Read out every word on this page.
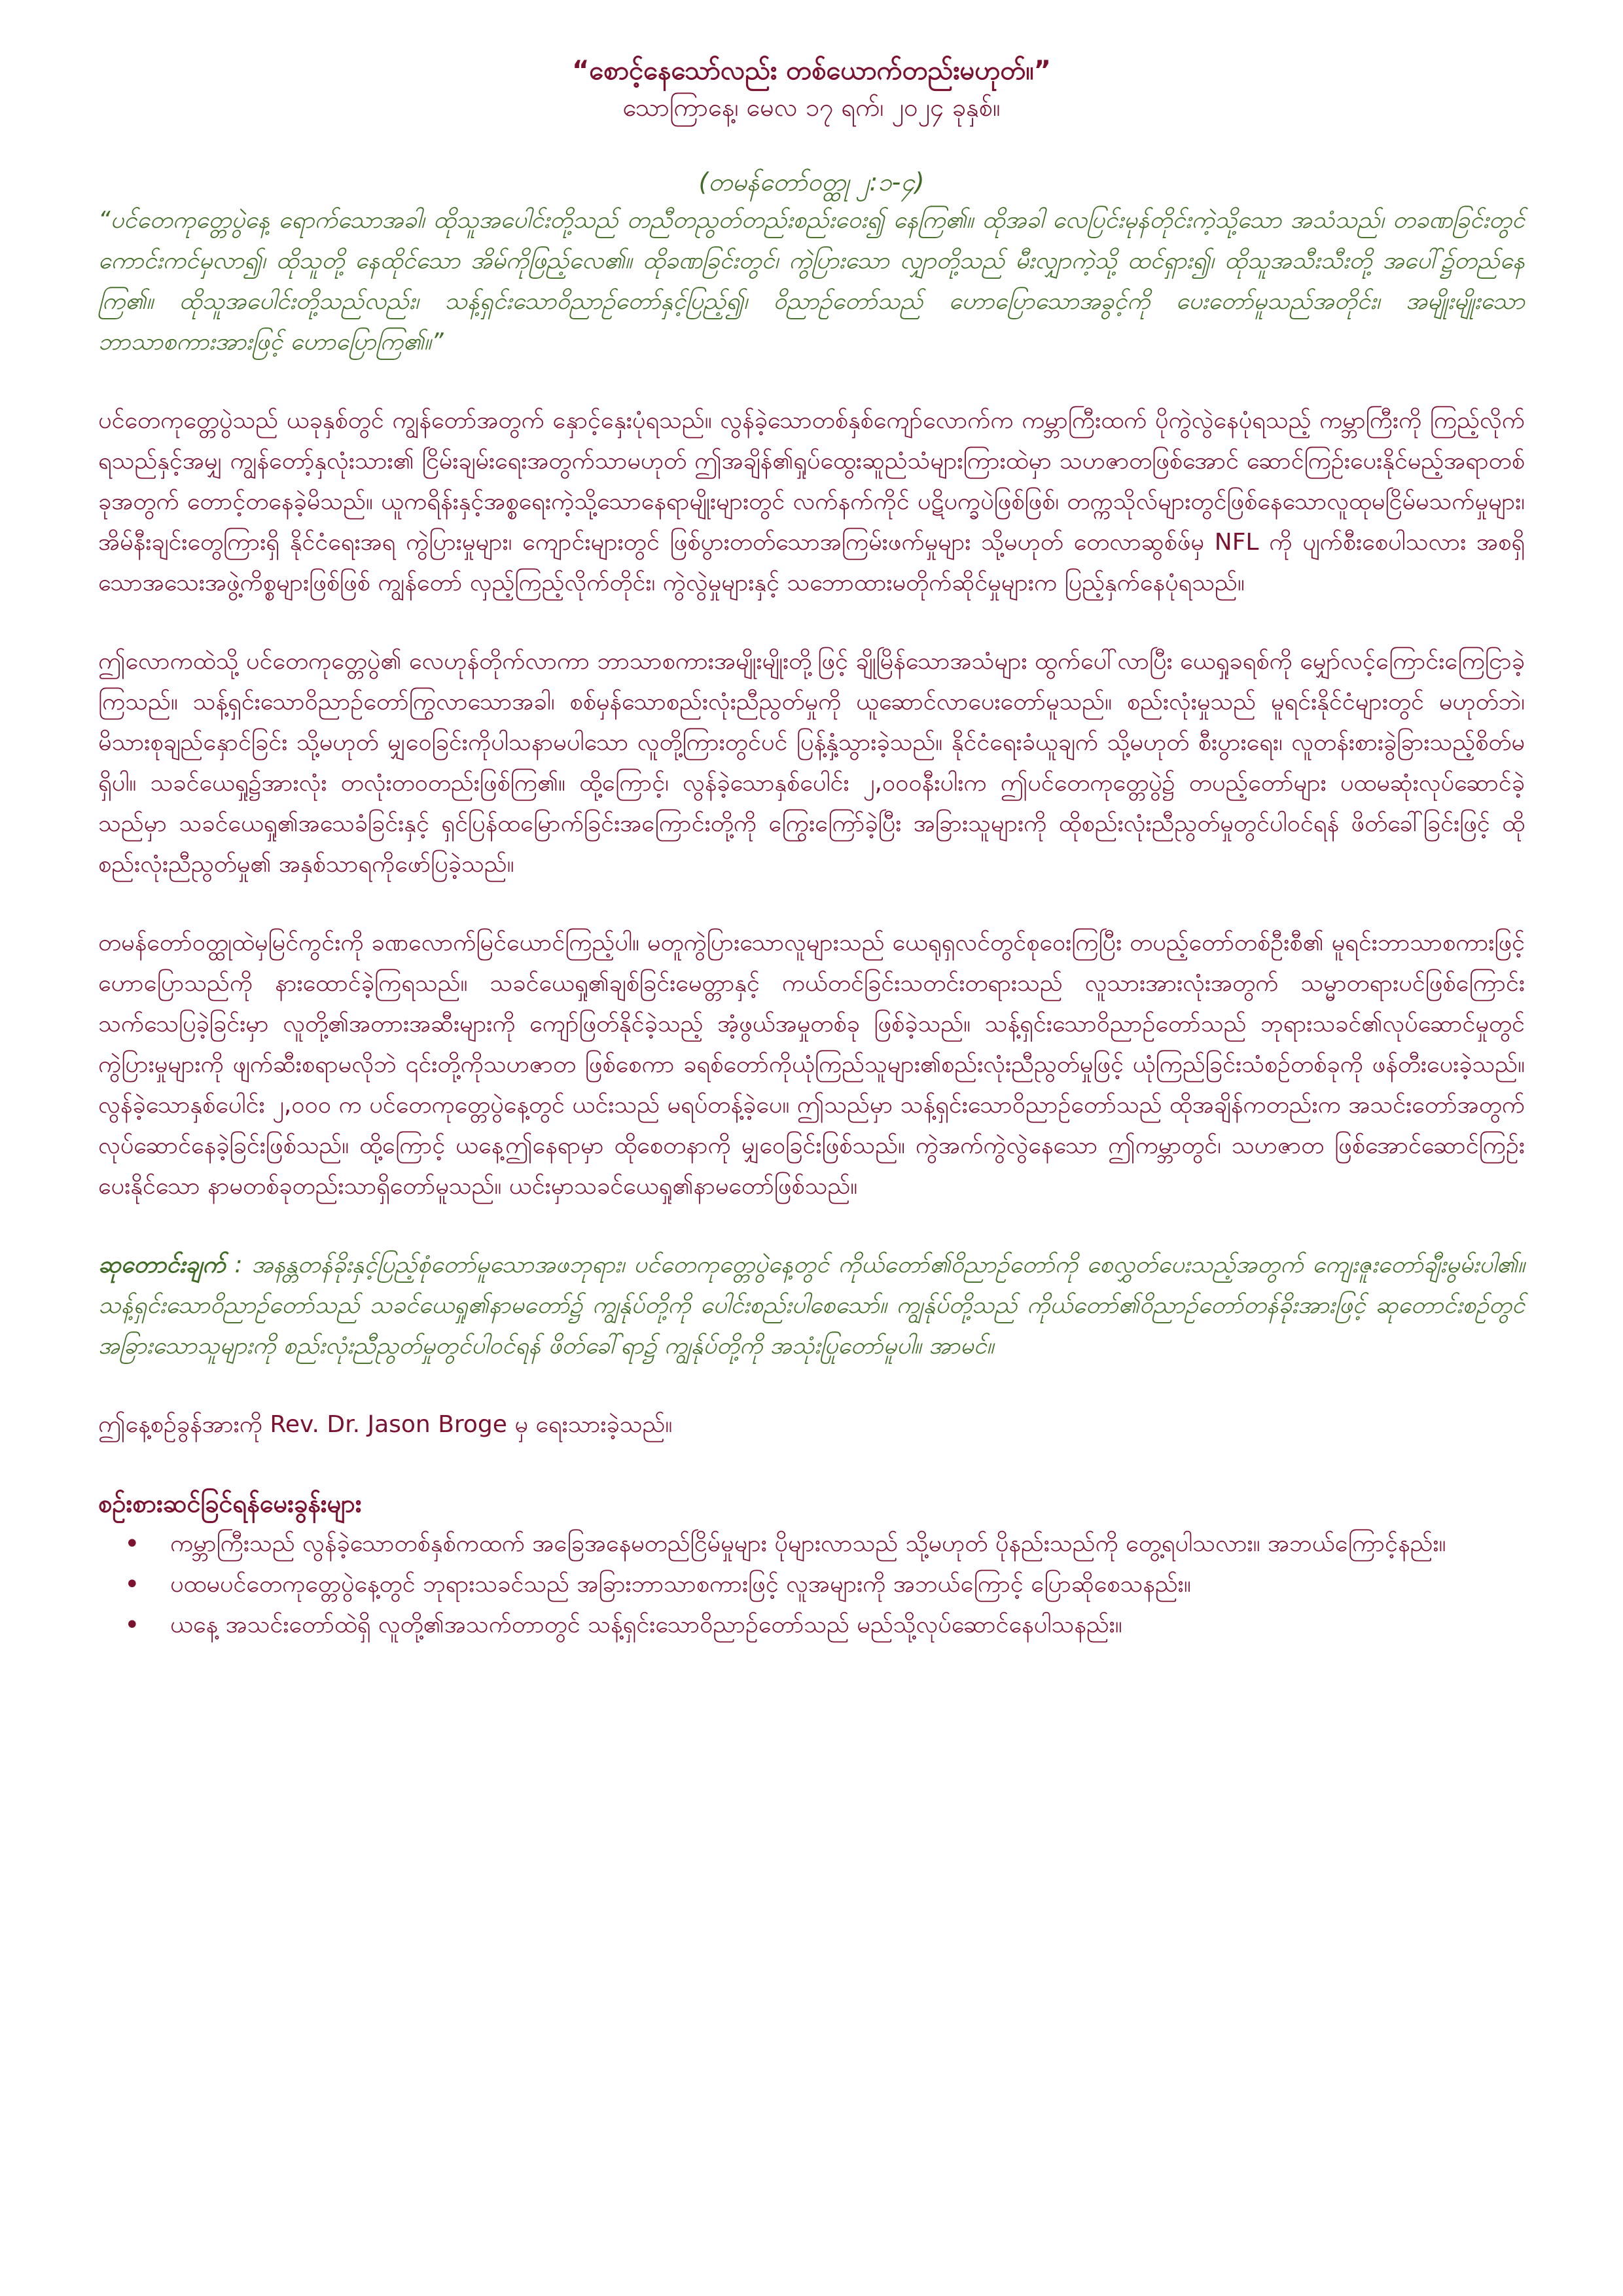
“စောင့်နေသော်လည်း တစ်ယောက်တည်းမဟုတ်။”

သောကြာနေ့၊ မေလ ၁၇ ရက်၊ ၂၀၂၄ ခုနှစ်။

(တမန်တော်ဝတ္ထု ၂:၁-၄)

“ပင်တေကုတ္တေပွဲနေ့ ရောက်သောအခါ၊ ထိုသူအပေါင်းတို့သည် တညီတညွတ်တည်းစည်းဝေး၍ နေကြ၏။ ထိုအခါ လေပြင်းမုန်တိုင်းကဲ့သို့သော အသံသည်၊ တခဏခြင်းတွင် ကောင်းကင်မှလာ၍၊ ထိုသူတို့ နေထိုင်သော အိမ်ကိုဖြည့်လေ၏။ ထိုခဏခြင်းတွင်၊ ကွဲပြားသော လျှာတို့သည် မီးလျှာကဲ့သို့ ထင်ရှား၍၊ ထိုသူအသီးသီးတို့ အပေါ်၌တည်နေကြ၏။ ထိုသူအပေါင်းတို့သည်လည်း၊ သန့်ရှင်းသောဝိညာဉ်တော်နှင့်ပြည့်၍၊ ဝိညာဉ်တော်သည် ဟောပြောသောအခွင့်ကို ပေးတော်မူသည်အတိုင်း၊ အမျိုးမျိုးသော ဘာသာစကားအားဖြင့် ဟောပြောကြ၏။”

ပင်တေကုတ္တေပွဲသည် ယခုနှစ်တွင် ကျွန်တော်အတွက် နှောင့်နှေးပုံရသည်။ လွန်ခဲ့သောတစ်နှစ်ကျော်လောက်က ကမ္ဘာကြီးထက် ပိုကွဲလွဲနေပုံရသည့် ကမ္ဘာကြီးကို ကြည့်လိုက်ရသည်နှင့်အမျှ ကျွန်တော့်နှလုံးသား၏ ငြိမ်းချမ်းရေးအတွက်သာမဟုတ် ဤအချိန်၏ရှုပ်ထွေးဆူညံသံများကြားထဲမှာ သဟဇာတဖြစ်အောင် ဆောင်ကြဉ်းပေးနိုင်မည့်အရာတစ်ခုအတွက် တောင့်တနေခဲ့မိသည်။ ယူကရိန်းနှင့်အစ္စရေးကဲ့သို့သောနေရာမျိုးများတွင် လက်နက်ကိုင် ပဋိပက္ခပဲဖြစ်ဖြစ်၊ တက္ကသိုလ်များတွင်ဖြစ်နေသောလူထုမငြိမ်မသက်မှုများ၊ အိမ်နီးချင်းတွေကြားရှိ နိုင်ငံရေးအရ ကွဲပြားမှုများ၊ ကျောင်းများတွင် ဖြစ်ပွားတတ်သောအကြမ်းဖက်မှုများ သို့မဟုတ် တေလာဆွစ်ဖ်မှ NFL ကို ပျက်စီးစေပါသလား အစရှိသောအသေးအဖွဲ့ကိစ္စများဖြစ်ဖြစ် ကျွန်တော် လှည့်ကြည့်လိုက်တိုင်း၊ ကွဲလွဲမှုများနှင့် သဘောထားမတိုက်ဆိုင်မှုများက ပြည့်နှက်နေပုံရသည်။

ဤလောကထဲသို့ ပင်တေကုတ္တေပွဲ၏ လေဟုန်တိုက်လာကာ ဘာသာစကားအမျိုးမျိုးတို့ဖြင့် ချိုမြိန်သောအသံများ ထွက်ပေါ်လာပြီး ယေရှုခရစ်ကို မျှော်လင့်ကြောင်းကြေငြာခဲ့ကြသည်။ သန့်ရှင်းသောဝိညာဉ်တော်ကြွလာသောအခါ၊ စစ်မှန်သောစည်းလုံးညီညွတ်မှုကို ယူဆောင်လာပေးတော်မူသည်။ စည်းလုံးမှုသည် မူရင်းနိုင်ငံများတွင် မဟုတ်ဘဲ၊ မိသားစုချည်နှောင်ခြင်း သို့မဟုတ် မျှဝေခြင်းကိုပါသနာမပါသော လူတို့ကြားတွင်ပင် ပြန့်နှံ့သွားခဲ့သည်။ နိုင်ငံရေးခံယူချက် သို့မဟုတ် စီးပွားရေး၊ လူတန်းစားခွဲခြားသည့်စိတ်မရှိပါ။ သခင်ယေရှု၌အားလုံး တလုံးတဝတည်းဖြစ်ကြ၏။ ထို့ကြောင့်၊ လွန်ခဲ့သောနှစ်ပေါင်း ၂,၀၀၀နီးပါးက ဤပင်တေကုတ္တေပွဲ၌ တပည့်တော်များ ပထမဆုံးလုပ်ဆောင်ခဲ့သည်မှာ သခင်ယေရှု၏အသေခံခြင်းနှင့် ရှင်ပြန်ထမြောက်ခြင်းအကြောင်းတို့ကို ကြွေးကြော်ခဲ့ပြီး အခြားသူများကို ထိုစည်းလုံးညီညွတ်မှုတွင်ပါဝင်ရန် ဖိတ်ခေါ်ခြင်းဖြင့် ထိုစည်းလုံးညီညွတ်မှု၏ အနှစ်သာရကိုဖော်ပြခဲ့သည်။

တမန်တော်ဝတ္ထုထဲမှမြင်ကွင်းကို ခဏလောက်မြင်ယောင်ကြည့်ပါ။ မတူကွဲပြားသောလူများသည် ယေရုရှလင်တွင်စုဝေးကြပြီး တပည့်တော်တစ်ဦးစီ၏ မူရင်းဘာသာစကားဖြင့် ဟောပြောသည်ကို နားထောင်ခဲ့ကြရသည်။ သခင်ယေရှု၏ချစ်ခြင်းမေတ္တာနှင့် ကယ်တင်ခြင်းသတင်းတရားသည် လူသားအားလုံးအတွက် သမ္မာတရားပင်ဖြစ်ကြောင်း သက်သေပြခဲ့ခြင်းမှာ လူတို့၏အတားအဆီးများကို ကျော်ဖြတ်နိုင်ခဲ့သည့် အံ့ဖွယ်အမှုတစ်ခု ဖြစ်ခဲ့သည်။ သန့်ရှင်းသောဝိညာဉ်တော်သည် ဘုရားသခင်၏လုပ်ဆောင်မှုတွင် ကွဲပြားမှုများကို ဖျက်ဆီးစရာမလိုဘဲ ၎င်းတို့ကိုသဟဇာတ ဖြစ်စေကာ ခရစ်တော်ကိုယုံကြည်သူများ၏စည်းလုံးညီညွတ်မှုဖြင့် ယုံကြည်ခြင်းသံစဉ်တစ်ခုကို ဖန်တီးပေးခဲ့သည်။ လွန်ခဲ့သောနှစ်ပေါင်း ၂,၀၀၀ က ပင်တေကုတ္တေပွဲနေ့တွင် ယင်းသည် မရပ်တန့်ခဲ့ပေ။ ဤသည်မှာ သန့်ရှင်းသောဝိညာဉ်တော်သည် ထိုအချိန်ကတည်းက အသင်းတော်အတွက် လုပ်ဆောင်နေခဲ့ခြင်းဖြစ်သည်။ ထို့ကြောင့် ယနေ့ဤနေရာမှာ ထိုစေတနာကို မျှဝေခြင်းဖြစ်သည်။ ကွဲအက်ကွဲလွဲနေသော ဤကမ္ဘာတွင်၊ သဟဇာတ ဖြစ်အောင်ဆောင်ကြဉ်းပေးနိုင်သော နာမတစ်ခုတည်းသာရှိတော်မူသည်။ ယင်းမှာသခင်ယေရှု၏နာမတော်ဖြစ်သည်။

ဆုတောင်းချက် : အနန္တတန်ခိုးနှင့်ပြည့်စုံတော်မူသောအဖဘုရား၊ ပင်တေကုတ္တေပွဲနေ့တွင် ကိုယ်တော်၏ဝိညာဉ်တော်ကို စေလွှတ်ပေးသည့်အတွက် ကျေးဇူးတော်ချီးမွမ်းပါ၏။ သန့်ရှင်းသောဝိညာဉ်တော်သည် သခင်ယေရှု၏နာမတော်၌ ကျွန်ုပ်တို့ကို ပေါင်းစည်းပါစေသော်။ ကျွန်ုပ်တို့သည် ကိုယ်တော်၏ဝိညာဉ်တော်တန်ခိုးအားဖြင့် ဆုတောင်းစဉ်တွင် အခြားသောသူများကို စည်းလုံးညီညွတ်မှုတွင်ပါဝင်ရန် ဖိတ်ခေါ်ရာ၌ ကျွန်ုပ်တို့ကို အသုံးပြုတော်မူပါ။ အာမင်။

ဤနေ့စဉ်ခွန်အားကို Rev. Dr. Jason Broge မှ ရေးသားခဲ့သည်။

စဉ်းစားဆင်ခြင်ရန်မေးခွန်းများ

• ကမ္ဘာကြီးသည် လွန်ခဲ့သောတစ်နှစ်ကထက် အခြေအနေမတည်ငြိမ်မှုများ ပိုများလာသည် သို့မဟုတ် ပိုနည်းသည်ကို တွေ့ရပါသလား။ အဘယ်ကြောင့်နည်း။
• ပထမပင်တေကုတ္တေပွဲနေ့တွင် ဘုရားသခင်သည် အခြားဘာသာစကားဖြင့် လူအများကို အဘယ်ကြောင့် ပြောဆိုစေသနည်း။
• ယနေ့ အသင်းတော်ထဲရှိ လူတို့၏အသက်တာတွင် သန့်ရှင်းသောဝိညာဉ်တော်သည် မည်သို့လုပ်ဆောင်နေပါသနည်း။
